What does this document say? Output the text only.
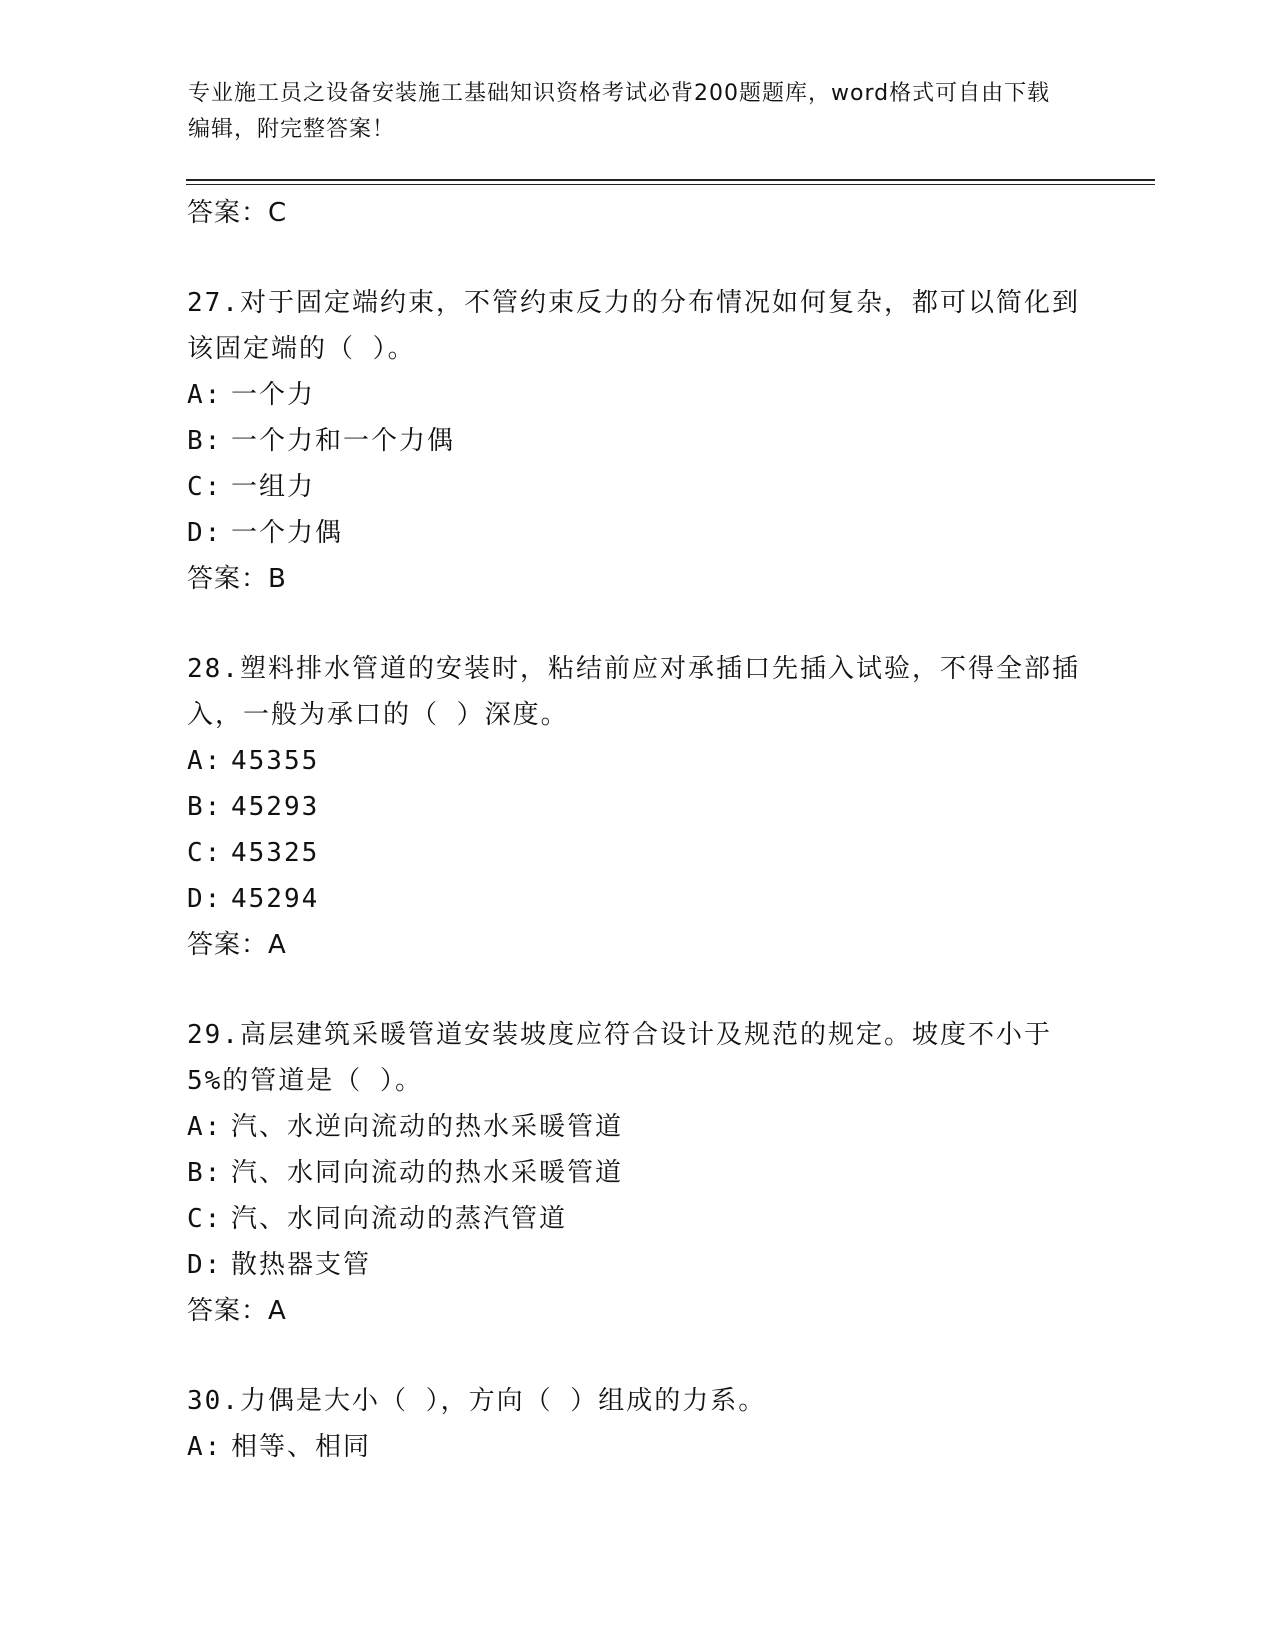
专业施工员之设备安装施工基础知识资格考试必背200题题库，word格式可自由下载编辑，附完整答案！
答案：C
27.对于固定端约束，不管约束反力的分布情况如何复杂，都可以简化到该固定端的（ ）。
A: 一个力
B: 一个力和一个力偶
C: 一组力
D: 一个力偶
答案：B
28.塑料排水管道的安装时，粘结前应对承插口先插入试验，不得全部插入，一般为承口的（ ）深度。
A: 45355
B: 45293
C: 45325
D: 45294
答案：A
29.高层建筑采暖管道安装坡度应符合设计及规范的规定。坡度不小于5%的管道是（ ）。
A: 汽、水逆向流动的热水采暖管道
B: 汽、水同向流动的热水采暖管道
C: 汽、水同向流动的蒸汽管道
D: 散热器支管
答案：A
30.力偶是大小（ ），方向（ ）组成的力系。
A: 相等、相同
